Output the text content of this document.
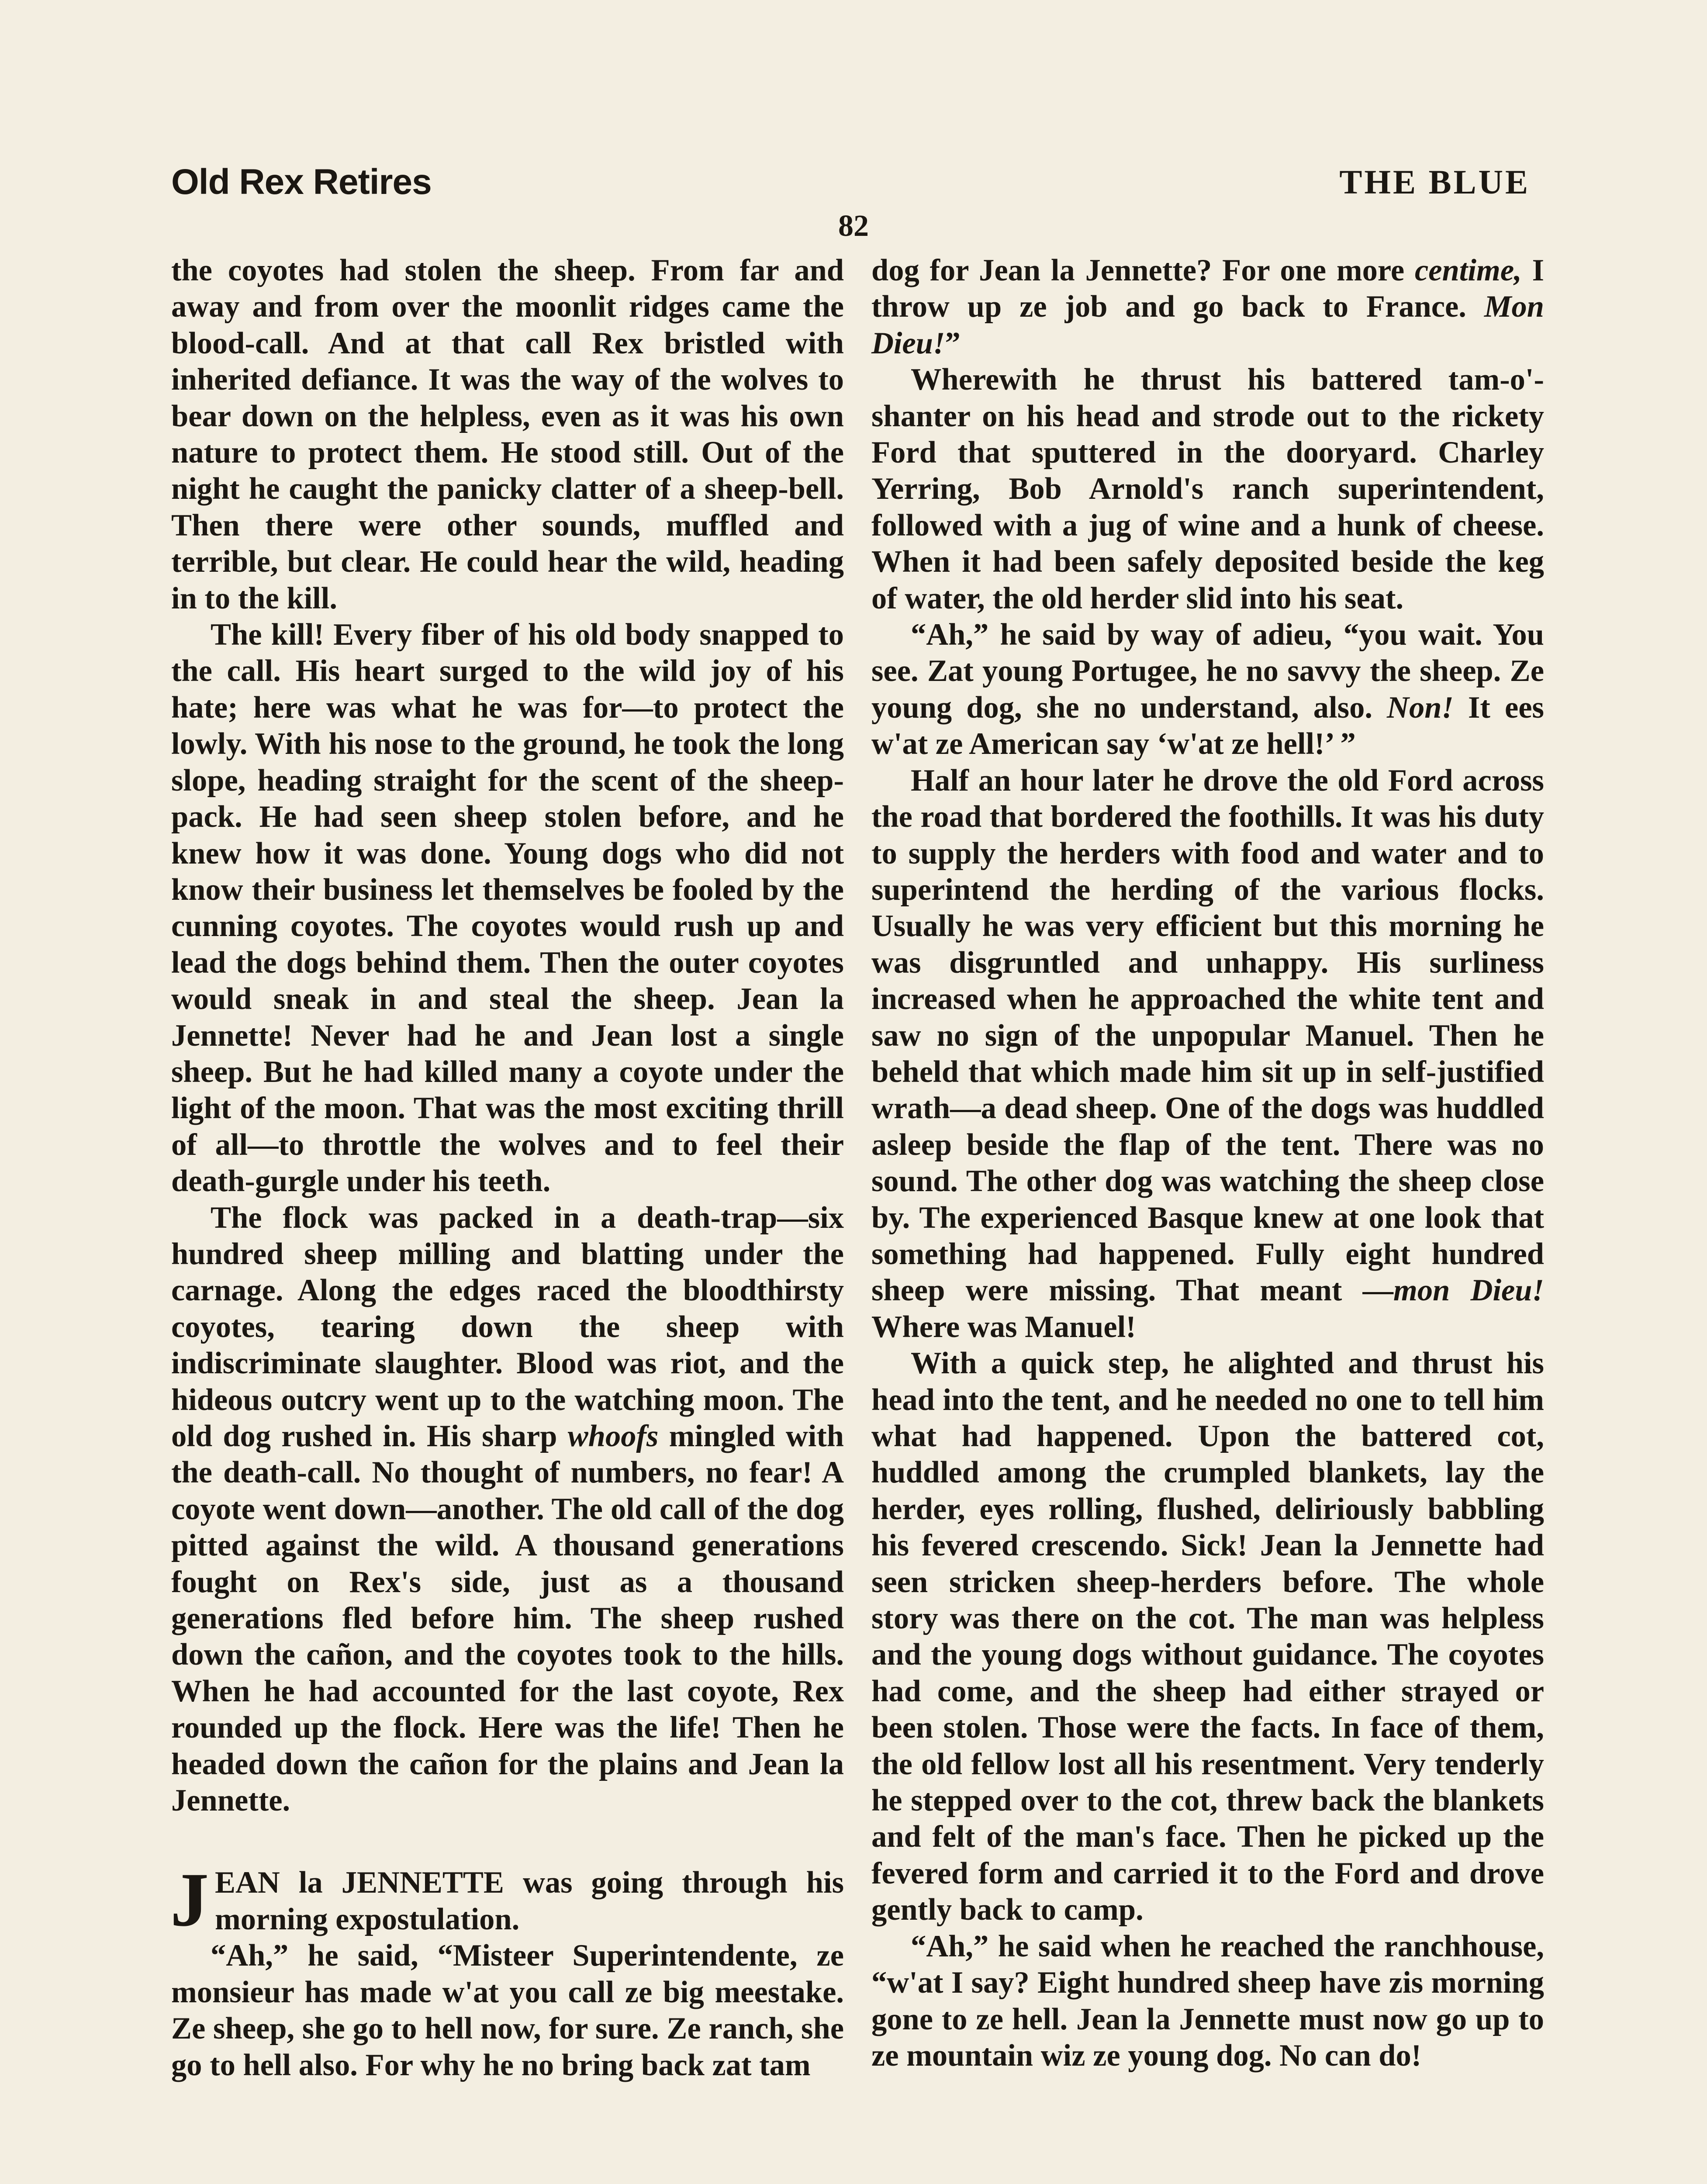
Old Rex Retires	THE BLUE
82

the coyotes had stolen the sheep. From far and away and from over the moonlit ridges came the blood-call. And at that call Rex bristled with inherited defiance. It was the way of the wolves to bear down on the helpless, even as it was his own nature to protect them. He stood still. Out of the night he caught the panicky clatter of a sheep-bell. Then there were other sounds, muffled and terrible, but clear. He could hear the wild, heading in to the kill.

The kill! Every fiber of his old body snapped to the call. His heart surged to the wild joy of his hate; here was what he was for—to protect the lowly. With his nose to the ground, he took the long slope, heading straight for the scent of the sheep-pack. He had seen sheep stolen before, and he knew how it was done. Young dogs who did not know their business let themselves be fooled by the cunning coyotes. The coyotes would rush up and lead the dogs behind them. Then the outer coyotes would sneak in and steal the sheep. Jean la Jennette! Never had he and Jean lost a single sheep. But he had killed many a coyote under the light of the moon. That was the most exciting thrill of all—to throttle the wolves and to feel their death-gurgle under his teeth.

The flock was packed in a death-trap—six hundred sheep milling and blatting under the carnage. Along the edges raced the bloodthirsty coyotes, tearing down the sheep with indiscriminate slaughter. Blood was riot, and the hideous outcry went up to the watching moon. The old dog rushed in. His sharp whoofs mingled with the death-call. No thought of numbers, no fear! A coyote went down—another. The old call of the dog pitted against the wild. A thousand generations fought on Rex's side, just as a thousand generations fled before him. The sheep rushed down the cañon, and the coyotes took to the hills. When he had accounted for the last coyote, Rex rounded up the flock. Here was the life! Then he headed down the cañon for the plains and Jean la Jennette.

JEAN la JENNETTE was going through his morning expostulation.

“Ah,” he said, “Misteer Superintendente, ze monsieur has made w'at you call ze big meestake. Ze sheep, she go to hell now, for sure. Ze ranch, she go to hell also. For why he no bring back zat tam

dog for Jean la Jennette? For one more centime, I throw up ze job and go back to France. Mon Dieu!”

Wherewith he thrust his battered tam-o'-shanter on his head and strode out to the rickety Ford that sputtered in the dooryard. Charley Yerring, Bob Arnold's ranch superintendent, followed with a jug of wine and a hunk of cheese. When it had been safely deposited beside the keg of water, the old herder slid into his seat.

“Ah,” he said by way of adieu, “you wait. You see. Zat young Portugee, he no savvy the sheep. Ze young dog, she no understand, also. Non! It ees w'at ze American say ‘w'at ze hell!’ ”

Half an hour later he drove the old Ford across the road that bordered the foothills. It was his duty to supply the herders with food and water and to superintend the herding of the various flocks. Usually he was very efficient but this morning he was disgruntled and unhappy. His surliness increased when he approached the white tent and saw no sign of the unpopular Manuel. Then he beheld that which made him sit up in self-justified wrath—a dead sheep. One of the dogs was huddled asleep beside the flap of the tent. There was no sound. The other dog was watching the sheep close by. The experienced Basque knew at one look that something had happened. Fully eight hundred sheep were missing. That meant —mon Dieu! Where was Manuel!

With a quick step, he alighted and thrust his head into the tent, and he needed no one to tell him what had happened. Upon the battered cot, huddled among the crumpled blankets, lay the herder, eyes rolling, flushed, deliriously babbling his fevered crescendo. Sick! Jean la Jennette had seen stricken sheep-herders before. The whole story was there on the cot. The man was helpless and the young dogs without guidance. The coyotes had come, and the sheep had either strayed or been stolen. Those were the facts. In face of them, the old fellow lost all his resentment. Very tenderly he stepped over to the cot, threw back the blankets and felt of the man's face. Then he picked up the fevered form and carried it to the Ford and drove gently back to camp.

“Ah,” he said when he reached the ranchhouse, “w'at I say? Eight hundred sheep have zis morning gone to ze hell. Jean la Jennette must now go up to ze mountain wiz ze young dog. No can do!
